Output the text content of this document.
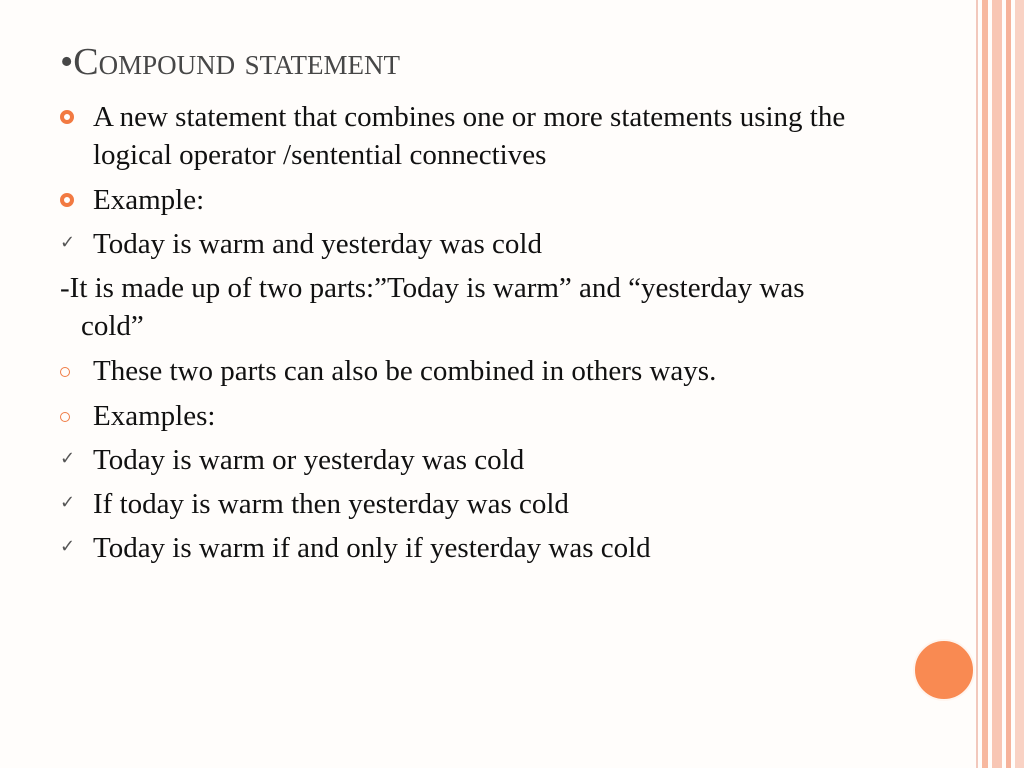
•Compound statement
A new statement that combines one or more statements using the logical operator /sentential connectives
Example:
✓ Today is warm and yesterday was cold
-It is made up of two parts:”Today is warm” and “yesterday was cold”
These two parts can also be combined in others ways.
Examples:
✓ Today is warm or yesterday was cold
✓ If today is warm then yesterday was cold
✓ Today is warm if and only if yesterday was cold
